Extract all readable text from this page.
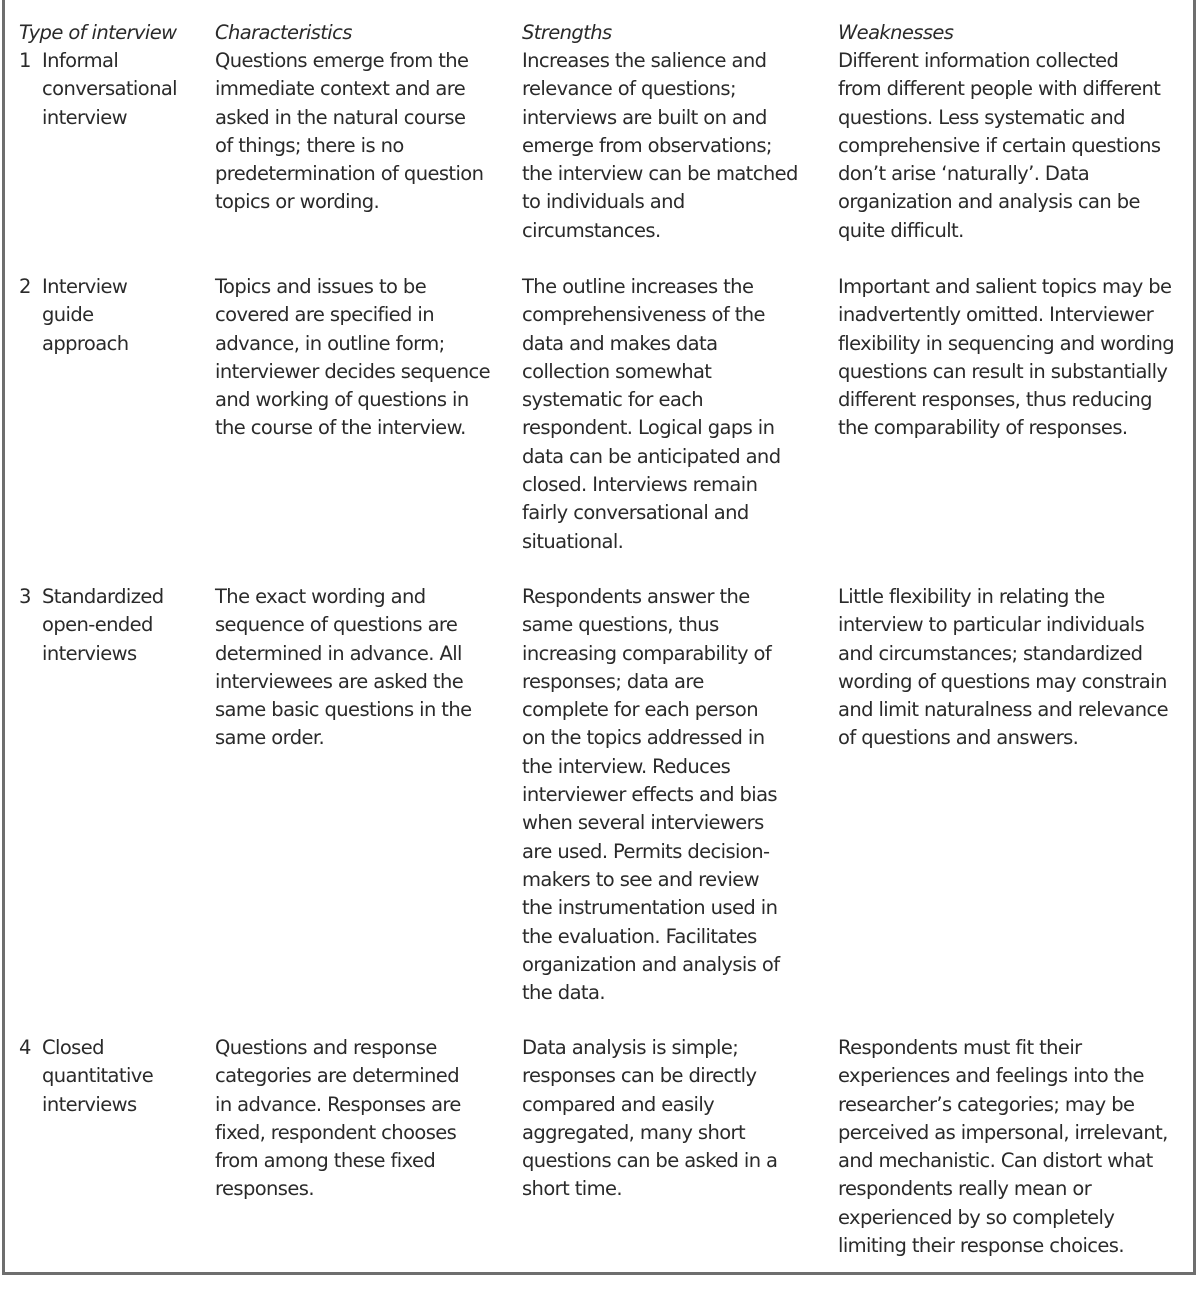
Type of interview Characteristics	Strengths	Weaknesses
1 Informal
conversational
interview
Questions emerge from the
immediate context and are
asked in the natural course
of things; there is no
predetermination of question
topics or wording.
Increases the salience and
relevance of questions;
interviews are built on and
emerge from observations;
the interview can be matched
to individuals and
circumstances.
Different information collected
from different people with different
questions. Less systematic and
comprehensive if certain questions
don’t arise ‘naturally’. Data
organization and analysis can be
quite difficult.
2 Interview
guide
approach
Topics and issues to be
covered are specified in
advance, in outline form;
interviewer decides sequence
and working of questions in
the course of the interview.
The outline increases the
comprehensiveness of the
data and makes data
collection somewhat
systematic for each
respondent. Logical gaps in
data can be anticipated and
closed. Interviews remain
fairly conversational and
situational.
Important and salient topics may be
inadvertently omitted. Interviewer
flexibility in sequencing and wording
questions can result in substantially
different responses, thus reducing
the comparability of responses.
3 Standardized
open-ended
interviews
The exact wording and
sequence of questions are
determined in advance. All
interviewees are asked the
same basic questions in the
same order.
Respondents answer the
same questions, thus
increasing comparability of
responses; data are
complete for each person
on the topics addressed in
the interview. Reduces
interviewer effects and bias
when several interviewers
are used. Permits decision-
makers to see and review
the instrumentation used in
the evaluation. Facilitates
organization and analysis of
the data.
Little flexibility in relating the
interview to particular individuals
and circumstances; standardized
wording of questions may constrain
and limit naturalness and relevance
of questions and answers.
4 Closed
quantitative
interviews
Questions and response
categories are determined
in advance. Responses are
fixed, respondent chooses
from among these fixed
responses.
Data analysis is simple;
responses can be directly
compared and easily
aggregated, many short
questions can be asked in a
short time.
Respondents must fit their
experiences and feelings into the
researcher’s categories; may be
perceived as impersonal, irrelevant,
and mechanistic. Can distort what
respondents really mean or
experienced by so completely
limiting their response choices.
